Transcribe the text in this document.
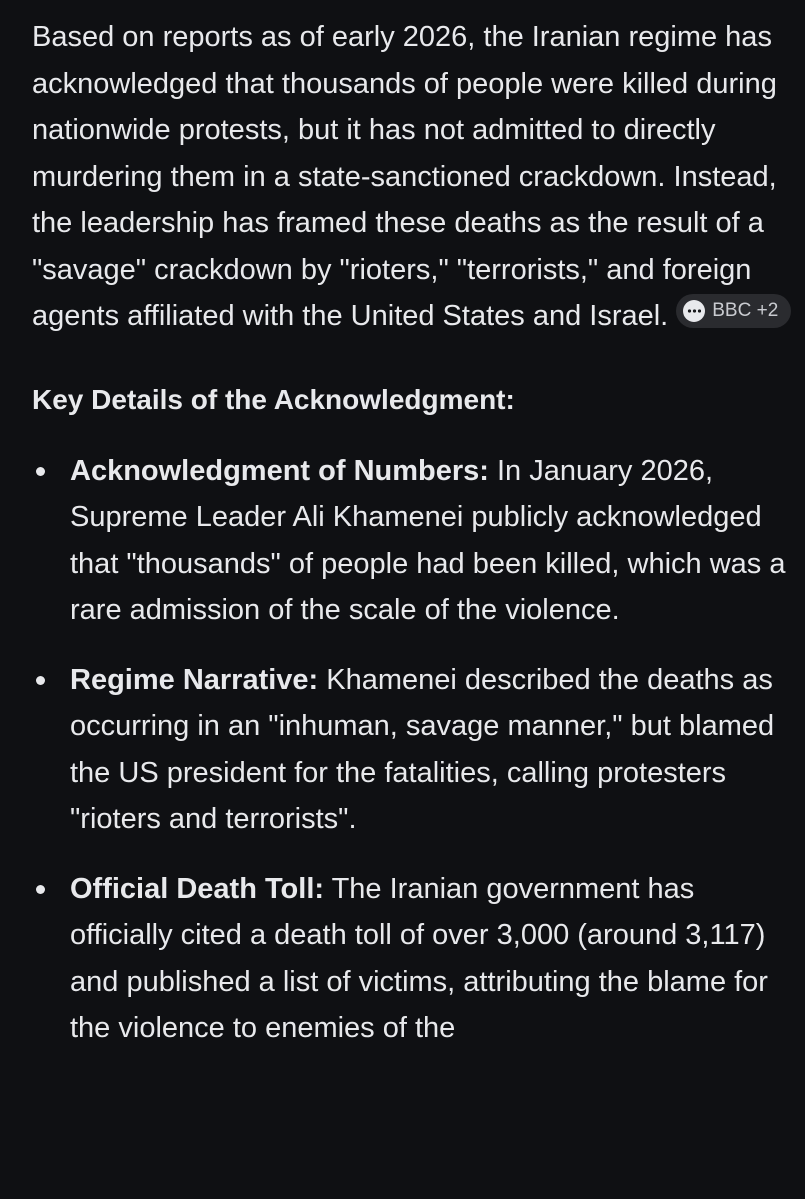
Based on reports as of early 2026, the Iranian regime has acknowledged that thousands of people were killed during nationwide protests, but it has not admitted to directly murdering them in a state-sanctioned crackdown. Instead, the leadership has framed these deaths as the result of a "savage" crackdown by "rioters," "terrorists," and foreign agents affiliated with the United States and Israel. BBC +2

Key Details of the Acknowledgment:
Acknowledgment of Numbers: In January 2026, Supreme Leader Ali Khamenei publicly acknowledged that "thousands" of people had been killed, which was a rare admission of the scale of the violence.
Regime Narrative: Khamenei described the deaths as occurring in an "inhuman, savage manner," but blamed the US president for the fatalities, calling protesters "rioters and terrorists".
Official Death Toll: The Iranian government has officially cited a death toll of over 3,000 (around 3,117) and published a list of victims, attributing the blame for the violence to enemies of the
